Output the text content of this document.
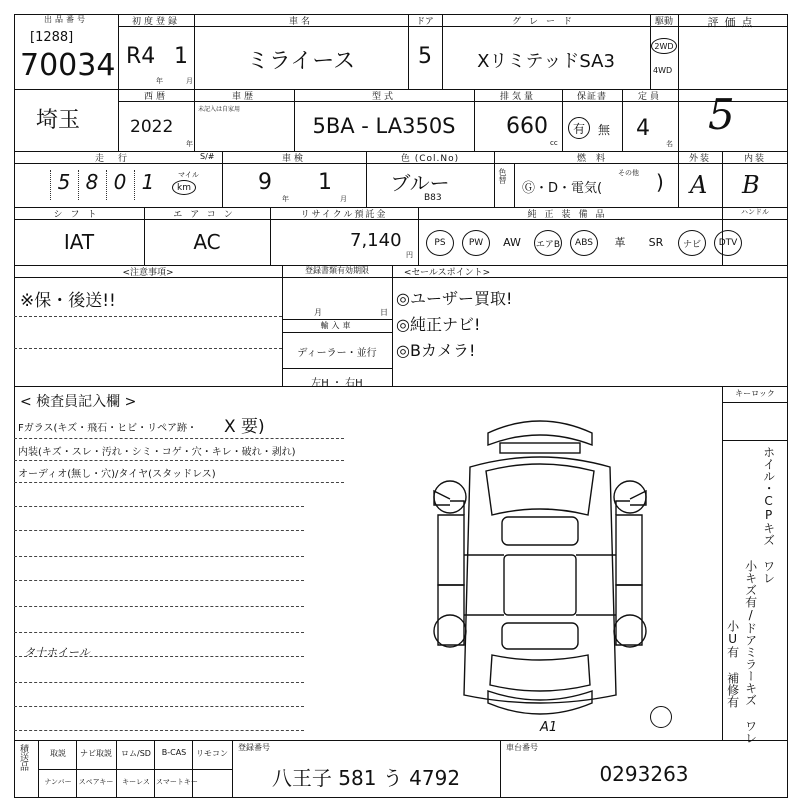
出品番号
[1288]
70034
初度登録
R4 1
年	月
車名
ミライース
ドア
5
グレード
XリミテッドSA3
駆動
2WD
4WD
評価点
5
埼玉
西暦
2022
年
車歴
未記入は自家用
型式
5BA - LA350S
排気量
660
cc
保証書
有	無
定員
4
名
走行	S/#
5 8 0 1	マイル
km
車検
9
年
1
月
色 (Col.No)
ブルー
B83
色替
燃料
Ⓖ・D・電気(
その他 )
外装	内装
A B
シフト
IAT
エアコン
AC
リサイクル預託金
7,140
円
純正装備品	ハンドル
PS	PW	AW	エアB	ABS	革	SR	ナビ	DTV
<注意事項>
※保・後送!!
登録書類有効期限
月	日
輸入車
ディーラー・並行
左H ・ 右H
<セールスポイント>
◎ユーザー買取!
◎純正ナビ!
◎Bカメラ!
< 検査員記入欄 >
Fガラス(キズ・飛石・ヒビ・リペア跡・ X 要)
内装(キズ・スレ・汚れ・シミ・コゲ・穴・キレ・破れ・剥れ)
オーディオ(無し・穴)/タイヤ(スタッドレス)
タ十ホイール
キーロック
ホイル・CPキズ ワレ
小キズ有/ドアミラーキズ ワレ
小U有 補修有
A1
積送品	取説	ナビ取説	ロム/SD	B-CAS	リモコン
ナンバー	スペアキー	キーレス スマートキー
登録番号
八王子 581 う 4792
車台番号
0293263
